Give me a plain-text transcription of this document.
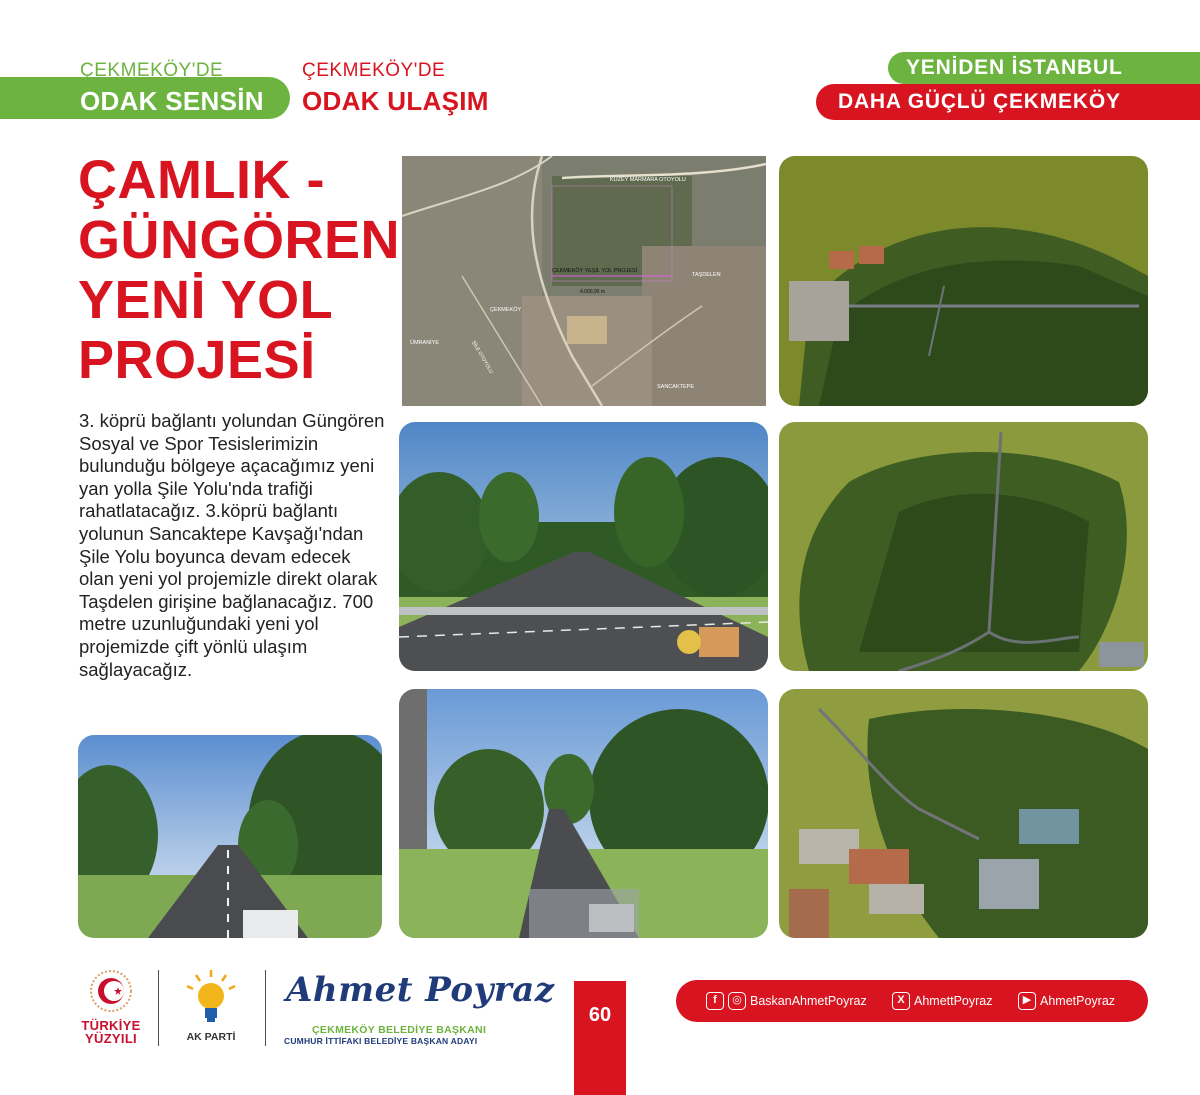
ÇEKMEKÖY'DE
ODAK SENSİN
ÇEKMEKÖY'DE
ODAK ULAŞIM
YENİDEN İSTANBUL
DAHA GÜÇLÜ ÇEKMEKÖY
ÇAMLIK -
GÜNGÖREN
YENİ YOL
PROJESİ

3. köprü bağlantı yolundan Güngören Sosyal ve Spor Tesislerimizin bulunduğu bölgeye açacağımız yeni yan yolla Şile Yolu'nda trafiği rahatlatacağız. 3.köprü bağlantı yolunun Sancaktepe Kavşağı'ndan Şile Yolu boyunca devam edecek olan yeni yol projemizle direkt olarak Taşdelen girişine bağlanacağız. 700 metre uzunluğundaki yeni yol projemizde çift yönlü ulaşım sağlayacağız.

KUZEY MARMARA OTOYOLU
ÇEKMEKÖY YEŞİL YOL PROJESİ
4.000,00 m
TAŞDELEN
ÇEKMEKÖY
ÜMRANİYE	ŞİLE OTOYOLU
SANCAKTEPE
TÜRKİYE
YÜZYILI	AK PARTİ
Ahmet Poyraz
ÇEKMEKÖY BELEDİYE BAŞKANI
CUMHUR İTTİFAKI BELEDİYE BAŞKAN ADAYI
60
f	◎ BaskanAhmetPoyraz	X AhmettPoyraz	▶ AhmetPoyraz
